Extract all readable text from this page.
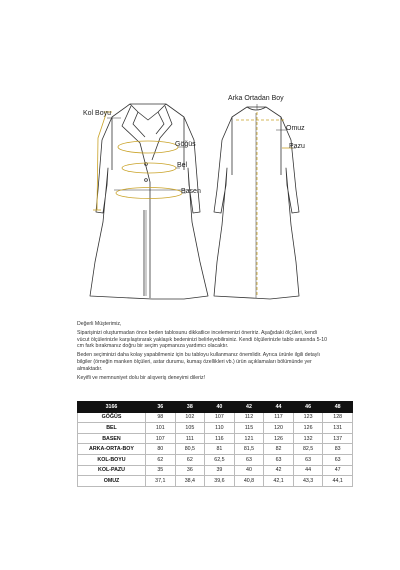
Kol Boyu
Göğüs
Bel
Basen
Arka Ortadan Boy
Omuz
Pazu

Değerli Müşterimiz,

Siparişinizi oluşturmadan önce beden tablosunu dikkatlice incelemenizi öneririz. Aşağıdaki ölçüleri, kendi vücut ölçülerinizle karşılaştırarak yaklaşık bedeninizi belirleyebilirsiniz. Kendi ölçülerinizle tablo arasında 5-10 cm fark bırakmanız doğru bir seçim yapmanıza yardımcı olacaktır.

Beden seçiminizi daha kolay yapabilmeniz için bu tabloyu kullanmanız önemlidir. Ayrıca ürünle ilgili detaylı bilgiler (örneğin manken ölçüleri, astar durumu, kumaş özellikleri vb.) ürün açıklamaları bölümünde yer almaktadır.

Keyifli ve memnuniyet dolu bir alışveriş deneyimi dileriz!

3166	36	38	40	42	44	46	48
GÖĞÜS	98	102	107	112	117	123	128
BEL	101	105	110	115	120	126	131
BASEN	107	111	116	121	126	132	137
ARKA-ORTA-BOY	80	80,5	81	81,5	82	82,5	83
KOL-BOYU	62	62	62,5	63	63	63	63
KOL-PAZU	35	36	39	40	42	44	47
OMUZ	37,1	38,4	39,6	40,8	42,1	43,3	44,1
